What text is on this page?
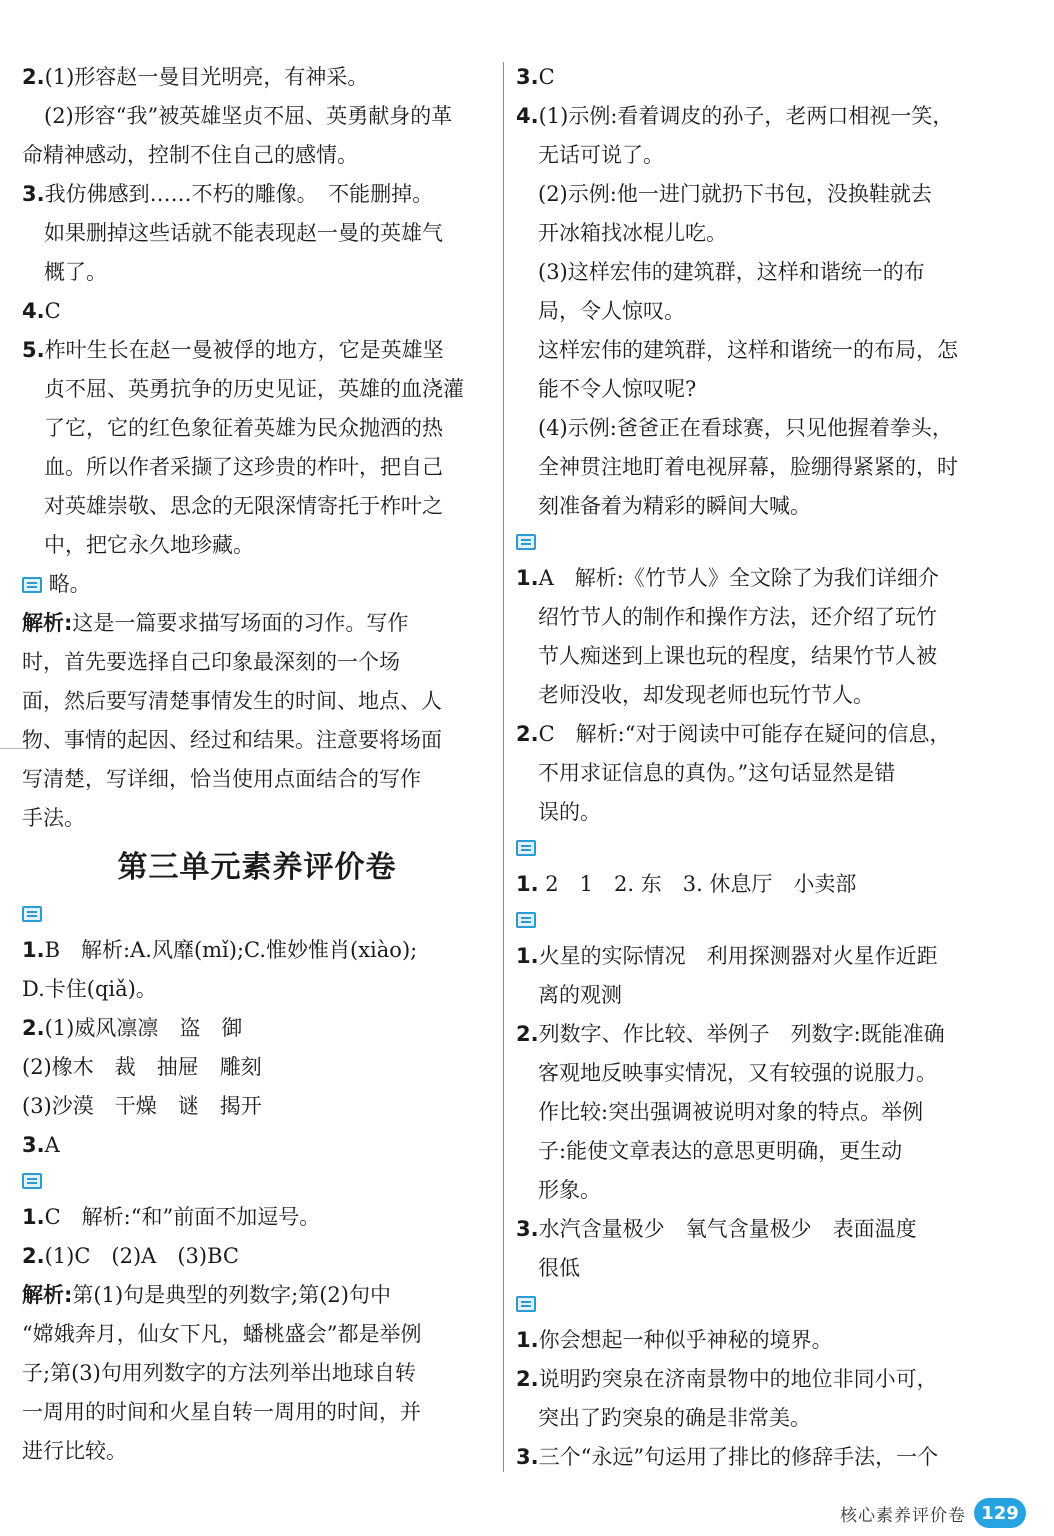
2.(1)形容赵一曼目光明亮，有神采。
(2)形容“我”被英雄坚贞不屈、英勇献身的革
命精神感动，控制不住自己的感情。
3.我仿佛感到……不朽的雕像。　不能删掉。
如果删掉这些话就不能表现赵一曼的英雄气
概了。
4.C
5.柞叶生长在赵一曼被俘的地方，它是英雄坚
贞不屈、英勇抗争的历史见证，英雄的血浇灌
了它，它的红色象征着英雄为民众抛洒的热
血。所以作者采撷了这珍贵的柞叶，把自己
对英雄崇敬、思念的无限深情寄托于柞叶之
中，把它永久地珍藏。
略。
解析:这是一篇要求描写场面的习作。写作
时，首先要选择自己印象最深刻的一个场
面，然后要写清楚事情发生的时间、地点、人
物、事情的起因、经过和结果。注意要将场面
写清楚，写详细，恰当使用点面结合的写作
手法。
第三单元素养评价卷
1.B　解析:A.风靡(mǐ);C.惟妙惟肖(xiào);
D.卡住(qiǎ)。
2.(1)威风凛凛　盗　御
(2)橡木　裁　抽屉　雕刻
(3)沙漠　干燥　谜　揭开
3.A
1.C　解析:“和”前面不加逗号。
2.(1)C　(2)A　(3)BC
解析:第(1)句是典型的列数字;第(2)句中
“嫦娥奔月，仙女下凡，蟠桃盛会”都是举例
子;第(3)句用列数字的方法列举出地球自转
一周用的时间和火星自转一周用的时间，并
进行比较。
3.C
4.(1)示例:看着调皮的孙子，老两口相视一笑，
无话可说了。
(2)示例:他一进门就扔下书包，没换鞋就去
开冰箱找冰棍儿吃。
(3)这样宏伟的建筑群，这样和谐统一的布
局，令人惊叹。
这样宏伟的建筑群，这样和谐统一的布局，怎
能不令人惊叹呢?
(4)示例:爸爸正在看球赛，只见他握着拳头，
全神贯注地盯着电视屏幕，脸绷得紧紧的，时
刻准备着为精彩的瞬间大喊。
1.A　解析:《竹节人》全文除了为我们详细介
绍竹节人的制作和操作方法，还介绍了玩竹
节人痴迷到上课也玩的程度，结果竹节人被
老师没收，却发现老师也玩竹节人。
2.C　解析:“对于阅读中可能存在疑问的信息，
不用求证信息的真伪。”这句话显然是错
误的。
1. 2　1　2. 东　3. 休息厅　小卖部
1.火星的实际情况　利用探测器对火星作近距
离的观测
2.列数字、作比较、举例子　列数字:既能准确
客观地反映事实情况，又有较强的说服力。
作比较:突出强调被说明对象的特点。举例
子:能使文章表达的意思更明确，更生动
形象。
3.水汽含量极少　氧气含量极少　表面温度
很低
1.你会想起一种似乎神秘的境界。
2.说明趵突泉在济南景物中的地位非同小可，
突出了趵突泉的确是非常美。
3.三个“永远”句运用了排比的修辞手法，一个
核心素养评价卷 129
